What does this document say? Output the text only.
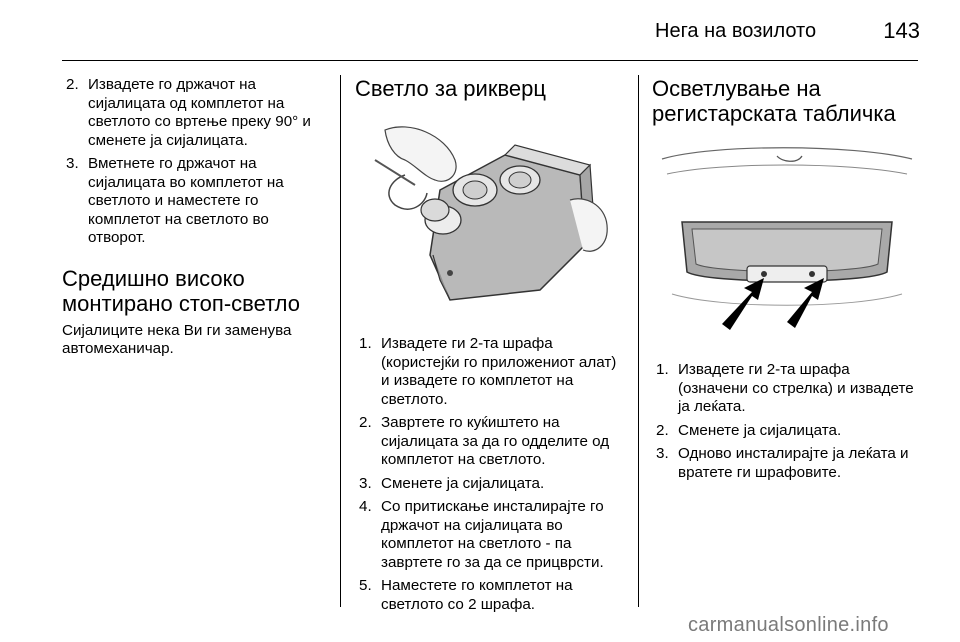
Нега на возилото	143
2. Извадете го држачот на сијалицата од комплетот на светлото со вртење преку 90° и сменете ја сијалицата.
3. Вметнете го држачот на сијалицата во комплетот на светлото и наместете го комплетот на светлото во отворот.
Средишно високо монтирано стоп-светло

Сијалиците нека Ви ги заменува автомеханичар.

Светло за рикверц
1. Извадете ги 2-та шрафа (користејќи го приложениот алат) и извадете го комплетот на светлото.
2. Завртете го куќиштето на сијалицата за да го одделите од комплетот на светлото.
3. Сменете ја сијалицата.
4. Со притискање инсталирајте го држачот на сијалицата во комплетот на светлото - па завртете го за да се прицврсти.
5. Наместете го комплетот на светлото со 2 шрафа.
Осветлување на регистарската табличка
1. Извадете ги 2-та шрафа (означени со стрелка) и извадете ја леќата.
2. Сменете ја сијалицата.
3. Одново инсталирајте ја леќата и вратете ги шрафовите.
carmanualsonline.info
